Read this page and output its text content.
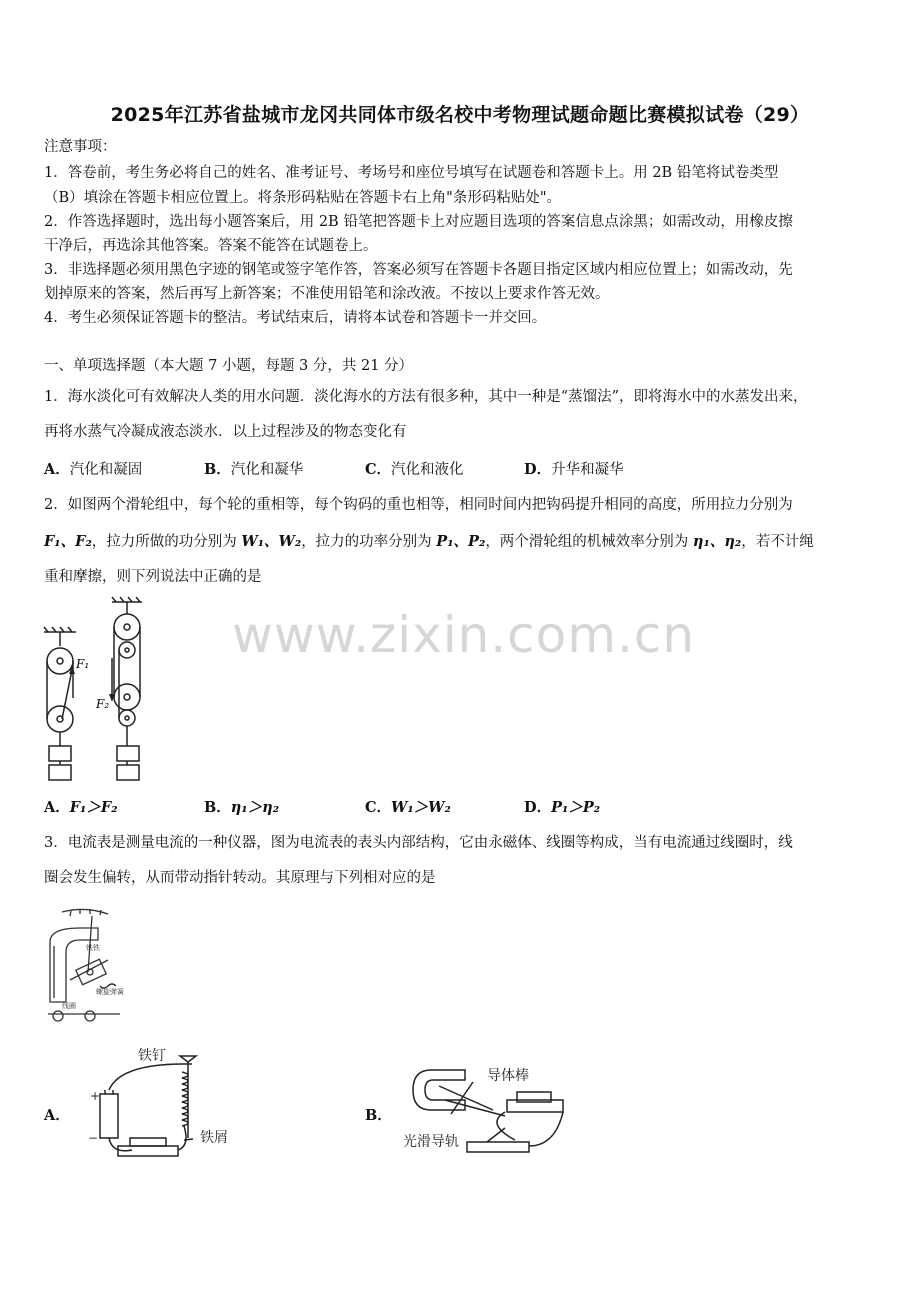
www.zixin.com.cn
2025年江苏省盐城市龙冈共同体市级名校中考物理试题命题比赛模拟试卷（29）
注意事项：
1．答卷前，考生务必将自己的姓名、准考证号、考场号和座位号填写在试题卷和答题卡上。用 2B 铅笔将试卷类型
（B）填涂在答题卡相应位置上。将条形码粘贴在答题卡右上角"条形码粘贴处"。
2．作答选择题时，选出每小题答案后，用 2B 铅笔把答题卡上对应题目选项的答案信息点涂黑；如需改动，用橡皮擦
干净后，再选涂其他答案。答案不能答在试题卷上。
3．非选择题必须用黑色字迹的钢笔或签字笔作答，答案必须写在答题卡各题目指定区域内相应位置上；如需改动，先
划掉原来的答案，然后再写上新答案；不准使用铅笔和涂改液。不按以上要求作答无效。
4．考生必须保证答题卡的整洁。考试结束后，请将本试卷和答题卡一并交回。
一、单项选择题（本大题 7 小题，每题 3 分，共 21 分）
1．海水淡化可有效解决人类的用水问题．淡化海水的方法有很多种，其中一种是“蒸馏法”，即将海水中的水蒸发出来，
再将水蒸气冷凝成液态淡水．以上过程涉及的物态变化有
A．汽化和凝固	B．汽化和凝华	C．汽化和液化	D．升华和凝华
2．如图两个滑轮组中，每个轮的重相等，每个钩码的重也相等，相同时间内把钩码提升相同的高度，所用拉力分别为
F₁、F₂，拉力所做的功分别为 W₁、W₂，拉力的功率分别为 P₁、P₂，两个滑轮组的机械效率分别为 η₁、η₂，若不计绳
重和摩擦，则下列说法中正确的是
F₁
F₂
A．F₁＞F₂	B．η₁＞η₂	C．W₁＞W₂	D．P₁＞P₂
3．电流表是测量电流的一种仪器，图为电流表的表头内部结构，它由永磁体、线圈等构成，当有电流通过线圈时，线
圈会发生偏转，从而带动指针转动。其原理与下列相对应的是
铁铁
螺旋弹簧
线圈
A．
+
−
铁钉
铁屑
B．
导体棒
光滑导轨
